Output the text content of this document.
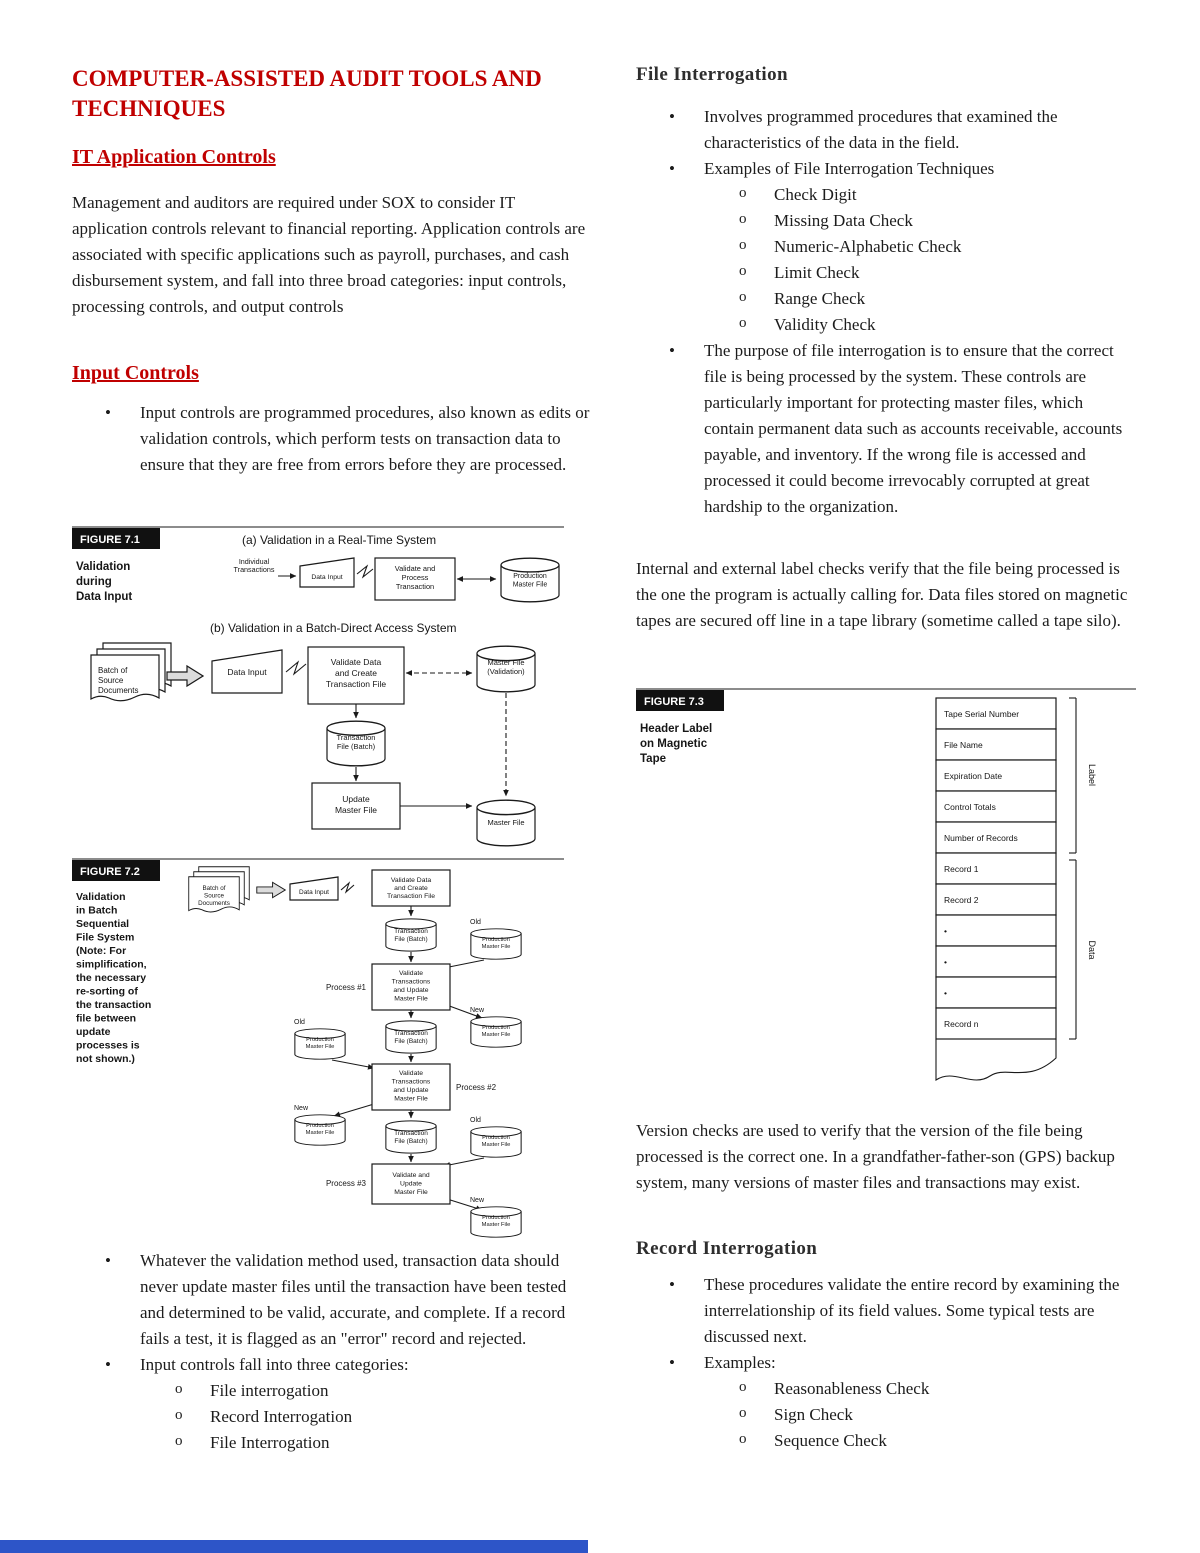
COMPUTER-ASSISTED AUDIT TOOLS AND TECHNIQUES
IT Application Controls
Management and auditors are required under SOX to consider IT application controls relevant to financial reporting. Application controls are associated with specific applications such as payroll, purchases, and cash disbursement system, and fall into three broad categories: input controls, processing controls, and output controls
Input Controls
•	Input controls are programmed procedures, also known as edits or validation controls, which perform tests on transaction data to ensure that they are free from errors before they are processed.
FIGURE 7.1
Validation during Data Input
(a) Validation in a Real-Time System
Individual Transactions
Data Input
Validate and Process Transaction
Production Master File
(b) Validation in a Batch-Direct Access System
Batch of Source Documents
Data Input
Validate Data and Create Transaction File
Master File (Validation)
Transaction File (Batch)
Update Master File
Master File
FIGURE 7.2
Validation in Batch Sequential File System (Note: For simplification, the necessary re-sorting of the transaction file between update processes is not shown.)
Batch of Source Documents
Data Input
Validate Data and Create Transaction File
Transaction File (Batch)
Validate Transactions and Update Master File
Process #1
Old
Production Master File
New
Production Master File
Transaction File (Batch)
Validate Transactions and Update Master File
Process #2
Old
Production Master File
New
Production Master File	Transaction File (Batch)
Validate and Update Master File
Process #3
Old
Production Master File
New
Production Master File
•	Whatever the validation method used, transaction data should never update master files until the transaction have been tested and determined to be valid, accurate, and complete. If a record fails a test, it is flagged as an "error" record and rejected.
•	Input controls fall into three categories:
o	File interrogation
o	Record Interrogation
o	File Interrogation
File Interrogation
•	Involves programmed procedures that examined the characteristics of the data in the field.
•	Examples of File Interrogation Techniques
o	Check Digit
o	Missing Data Check
o	Numeric-Alphabetic Check
o	Limit Check
o	Range Check
o	Validity Check
•	The purpose of file interrogation is to ensure that the correct file is being processed by the system. These controls are particularly important for protecting master files, which contain permanent data such as accounts receivable, accounts payable, and inventory. If the wrong file is accessed and processed it could become irrevocably corrupted at great hardship to the organization.
Internal and external label checks verify that the file being processed is the one the program is actually calling for. Data files stored on magnetic tapes are secured off line in a tape library (sometime called a tape silo).
FIGURE 7.3
Header Label on Magnetic Tape
Tape Serial Number
File Name
Expiration Date
Control Totals
Number of Records
Record 1
Record 2
•
•
•
Record n
Label
Data
Version checks are used to verify that the version of the file being processed is the correct one. In a grandfather-father-son (GPS) backup system, many versions of master files and transactions may exist.
Record Interrogation
•	These procedures validate the entire record by examining the interrelationship of its field values. Some typical tests are discussed next.
•	Examples:
o	Reasonableness Check
o	Sign Check
o	Sequence Check
